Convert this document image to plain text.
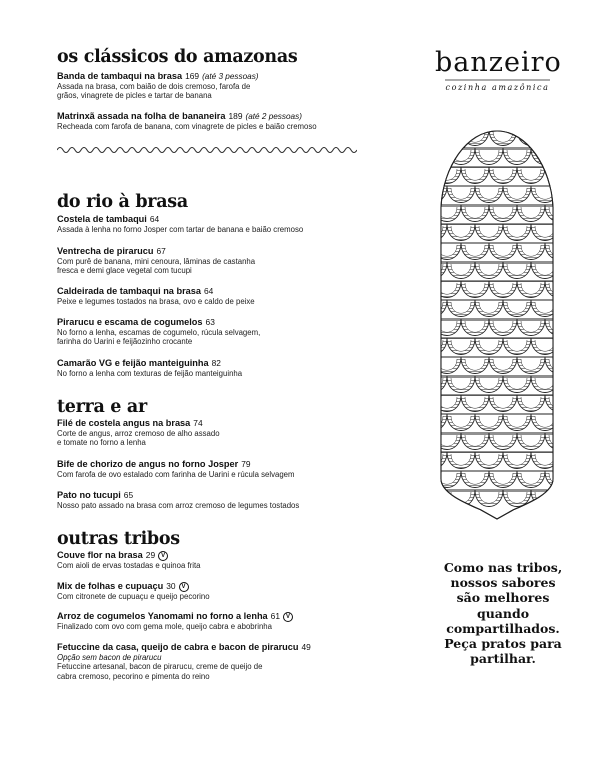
os clássicos do amazonas
Banda de tambaqui na brasa 169 (até 3 pessoas)
Assada na brasa, com baião de dois cremoso, farofa de
grãos, vinagrete de picles e tartar de banana
Matrinxã assada na folha de bananeira 189 (até 2 pessoas)
Recheada com farofa de banana, com vinagrete de picles e baião cremoso
do rio à brasa
Costela de tambaqui 64
Assada à lenha no forno Josper com tartar de banana e baião cremoso
Ventrecha de pirarucu 67
Com purê de banana, mini cenoura, lâminas de castanha
fresca e demi glace vegetal com tucupi
Caldeirada de tambaqui na brasa 64
Peixe e legumes tostados na brasa, ovo e caldo de peixe
Pirarucu e escama de cogumelos 63
No forno a lenha, escamas de cogumelo, rúcula selvagem,
farinha do Uarini e feijãozinho crocante
Camarão VG e feijão manteiguinha 82
No forno a lenha com texturas de feijão manteiguinha
terra e ar
Filé de costela angus na brasa 74
Corte de angus, arroz cremoso de alho assado
e tomate no forno a lenha
Bife de chorizo de angus no forno Josper 79
Com farofa de ovo estalado com farinha de Uarini e rúcula selvagem
Pato no tucupi 65
Nosso pato assado na brasa com arroz cremoso de legumes tostados
outras tribos
Couve flor na brasa 29 V
Com aioli de ervas tostadas e quinoa frita
Mix de folhas e cupuaçu 30 V
Com citronete de cupuaçu e queijo pecorino
Arroz de cogumelos Yanomami no forno a lenha 61 V
Finalizado com ovo com gema mole, queijo cabra e abobrinha
Fetuccine da casa, queijo de cabra e bacon de pirarucu 49
Opção sem bacon de pirarucu
Fetuccine artesanal, bacon de pirarucu, creme de queijo de
cabra cremoso, pecorino e pimenta do reino
banzeiro
cozinha amazônica

Como nas tribos, nossos sabores são melhores quando compartilhados. Peça pratos para partilhar.
